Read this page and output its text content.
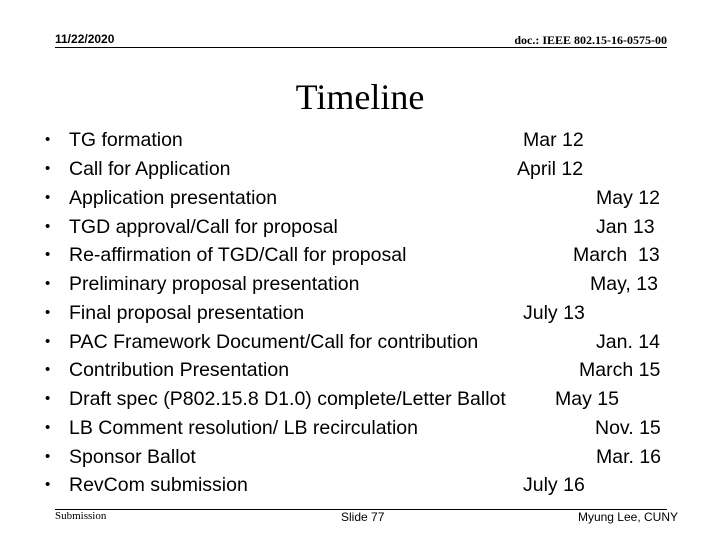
11/22/2020	doc.: IEEE 802.15-16-0575-00
Timeline
• TG formation	Mar 12
• Call for Application	April 12
• Application presentation	May 12
• TGD approval/Call for proposal	Jan 13
• Re-affirmation of TGD/Call for proposal	March  13
• Preliminary proposal presentation	May, 13
• Final proposal presentation	July 13
• PAC Framework Document/Call for contribution	Jan. 14
• Contribution Presentation	March 15
• Draft spec (P802.15.8 D1.0) complete/Letter Ballot	May 15
• LB Comment resolution/ LB recirculation	Nov. 15
• Sponsor Ballot	Mar. 16
• RevCom submission	July 16
Submission	Slide 77	Myung Lee, CUNY
